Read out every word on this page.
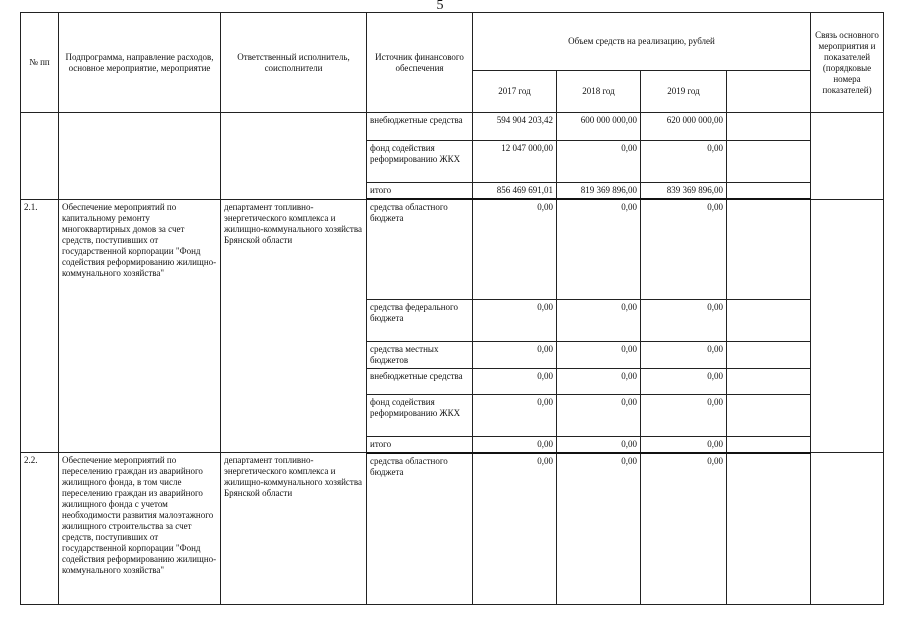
5
№ пп	Подпрограмма, направление расходов, основное мероприятие, мероприятие	Ответственный исполнитель, соисполнители	Источник финансового обеспечения	Объем средств на реализацию, рублей				Связь основного мероприятия и показателей (порядковые номера показателей)
				2017 год	2018 год	2019 год		
			внебюджетные средства	594 904 203,42	600 000 000,00	620 000 000,00		
			фонд содействия реформированию ЖКХ	12 047 000,00	0,00	0,00		
			итого	856 469 691,01	819 369 896,00	839 369 896,00		
2.1.	Обеспечение мероприятий по капитальному ремонту многоквартирных домов за счет средств, поступивших от государственной корпорации "Фонд содействия реформированию жилищно-коммунального хозяйства"	департамент топливно-энергетического комплекса и жилищно-коммунального хозяйства Брянской области	средства областного бюджета	0,00	0,00	0,00		
			средства федерального бюджета	0,00	0,00	0,00		
			средства местных бюджетов	0,00	0,00	0,00		
			внебюджетные средства	0,00	0,00	0,00		
			фонд содействия реформированию ЖКХ	0,00	0,00	0,00		
			итого	0,00	0,00	0,00		
2.2.	Обеспечение мероприятий по переселению граждан из аварийного жилищного фонда, в том числе переселению граждан из аварийного жилищного фонда с учетом необходимости развития малоэтажного жилищного строительства за счет средств, поступивших от государственной корпорации "Фонд содействия реформированию жилищно-коммунального хозяйства"	департамент топливно-энергетического комплекса и жилищно-коммунального хозяйства Брянской области	средства областного бюджета	0,00	0,00	0,00		
